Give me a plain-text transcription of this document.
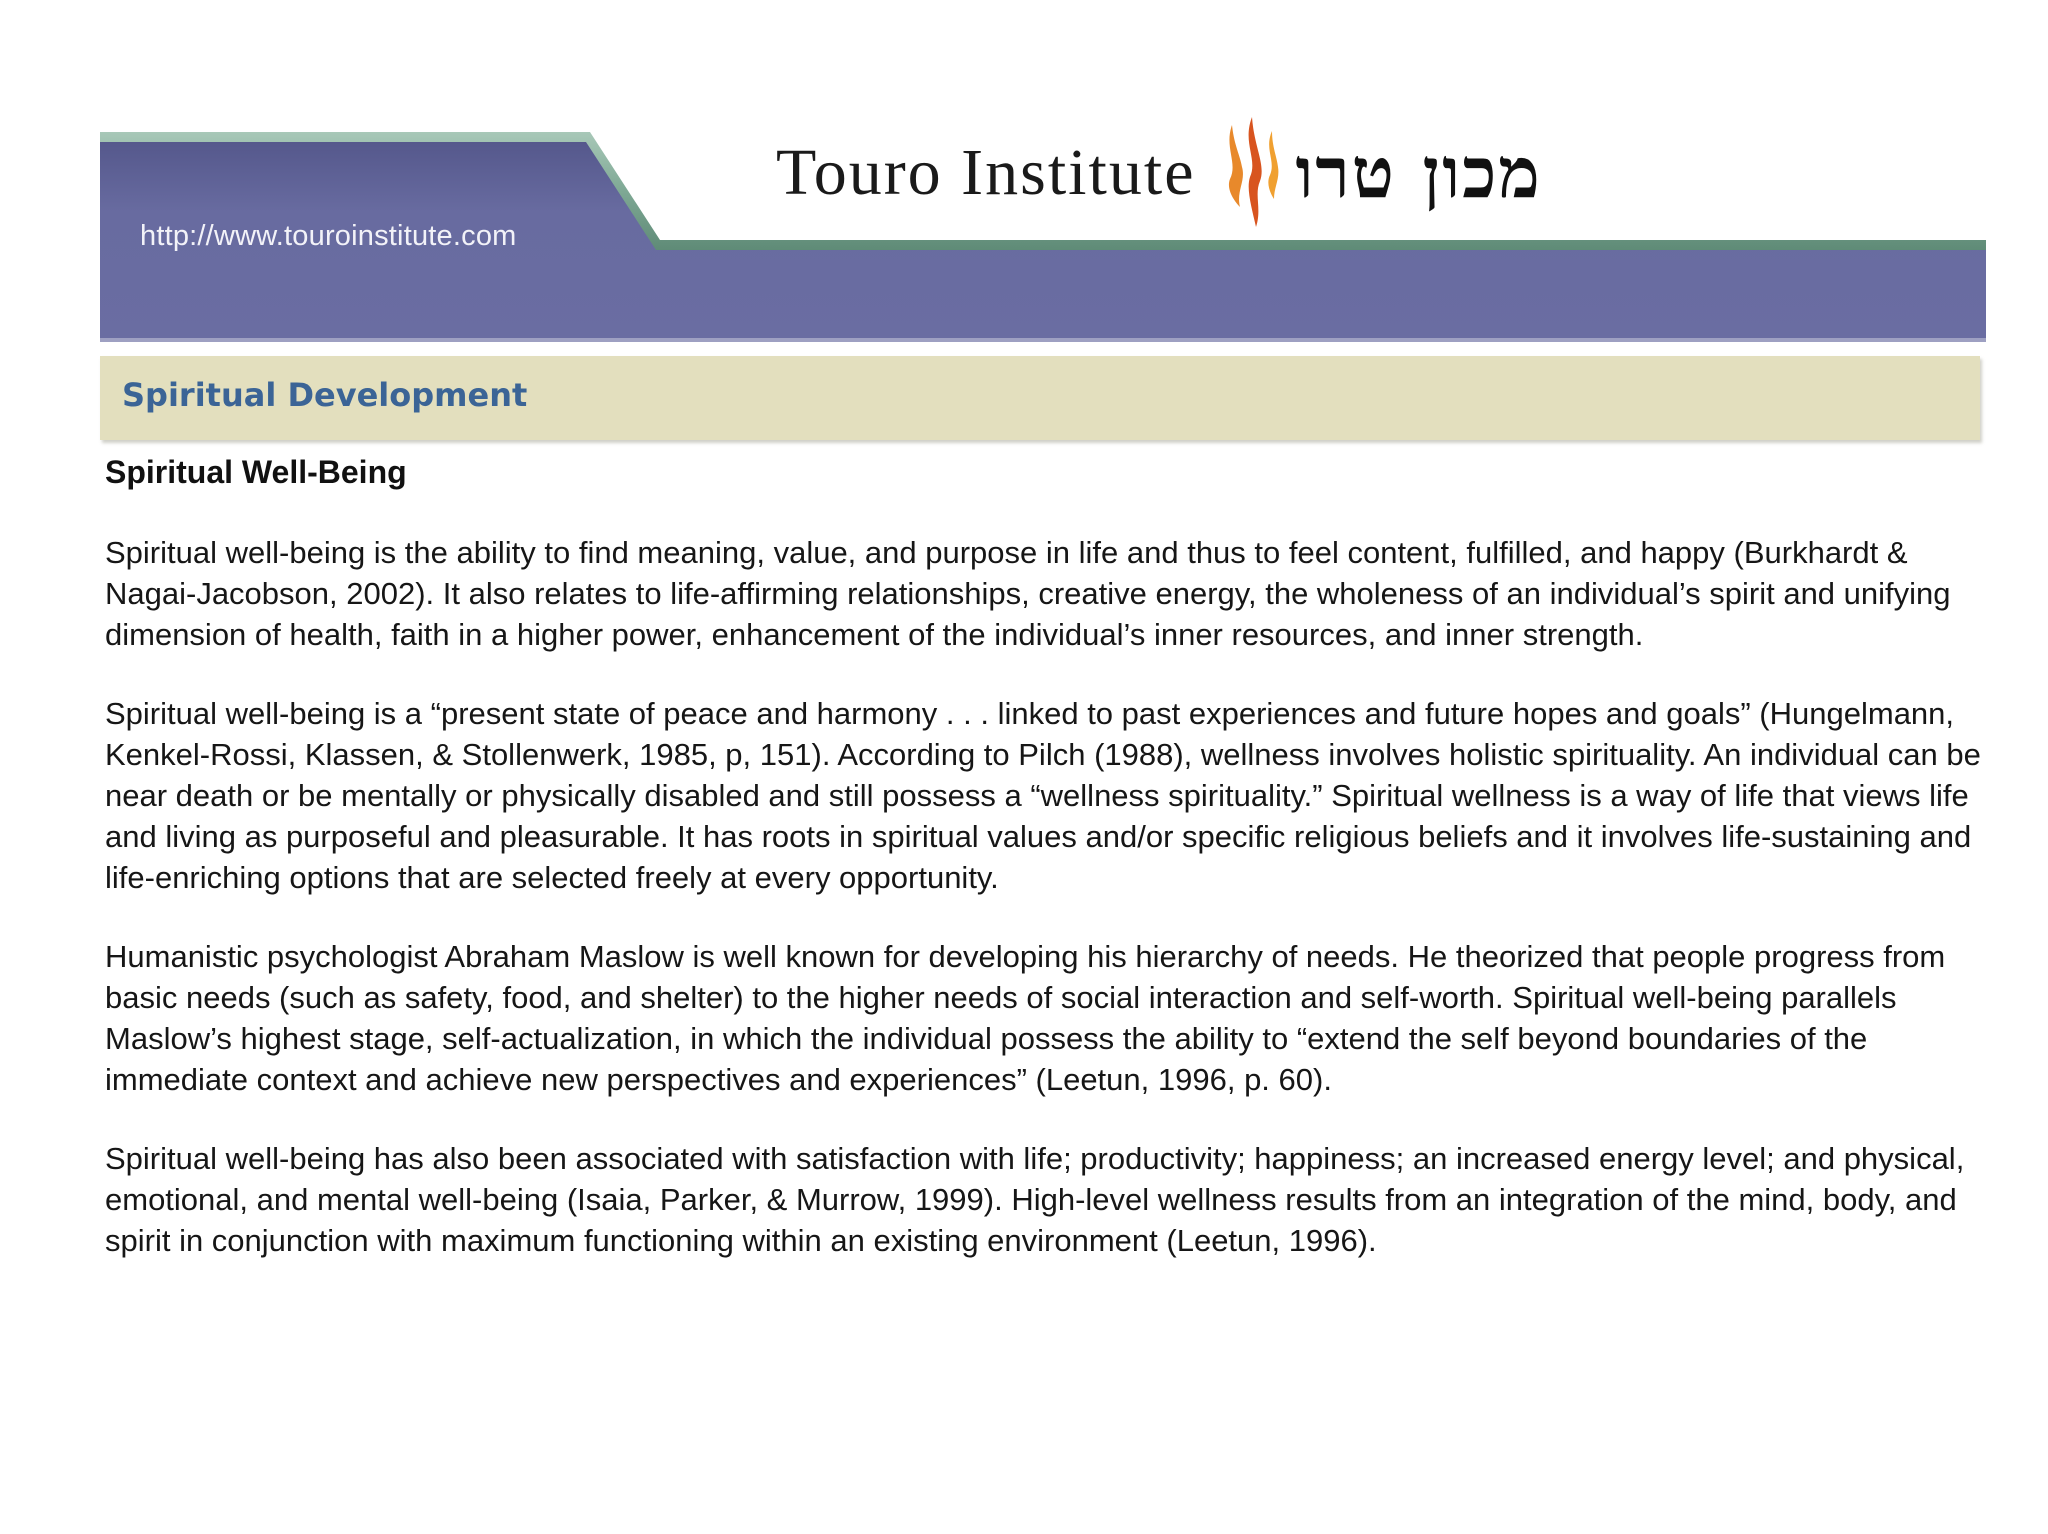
http://www.touroinstitute.com
Touro Institute מכון טרו
Spiritual Development
Spiritual Well-Being

Spiritual well-being is the ability to find meaning, value, and purpose in life and thus to feel content, fulfilled, and happy (Burkhardt & Nagai-Jacobson, 2002). It also relates to life-affirming relationships, creative energy, the wholeness of an individual’s spirit and unifying dimension of health, faith in a higher power, enhancement of the individual’s inner resources, and inner strength.

Spiritual well-being is a “present state of peace and harmony . . . linked to past experiences and future hopes and goals” (Hungelmann, Kenkel-Rossi, Klassen, & Stollenwerk, 1985, p, 151). According to Pilch (1988), wellness involves holistic spirituality. An individual can be near death or be mentally or physically disabled and still possess a “wellness spirituality.” Spiritual wellness is a way of life that views life and living as purposeful and pleasurable. It has roots in spiritual values and/or specific religious beliefs and it involves life-sustaining and life-enriching options that are selected freely at every opportunity.

Humanistic psychologist Abraham Maslow is well known for developing his hierarchy of needs. He theorized that people progress from basic needs (such as safety, food, and shelter) to the higher needs of social interaction and self-worth. Spiritual well-being parallels Maslow’s highest stage, self-actualization, in which the individual possess the ability to “extend the self beyond boundaries of the immediate context and achieve new perspectives and experiences” (Leetun, 1996, p. 60).

Spiritual well-being has also been associated with satisfaction with life; productivity; happiness; an increased energy level; and physical, emotional, and mental well-being (Isaia, Parker, & Murrow, 1999). High-level wellness results from an integration of the mind, body, and spirit in conjunction with maximum functioning within an existing environment (Leetun, 1996).
